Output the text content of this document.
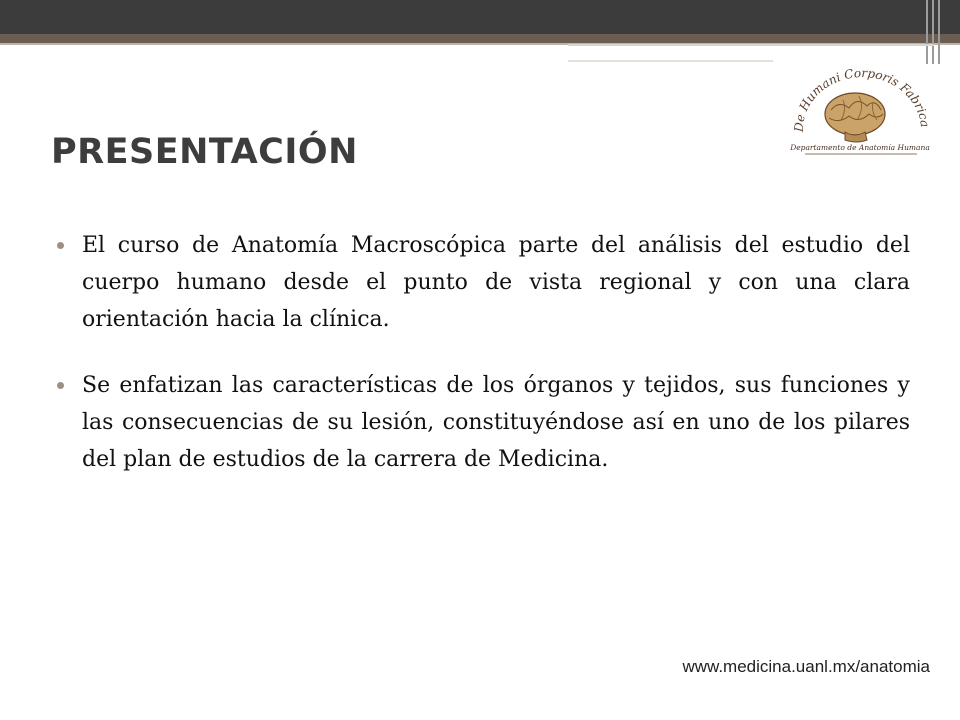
De Humani Corporis Fabrica
Departamento de Anatomía Humana
PRESENTACIÓN
El curso de Anatomía Macroscópica parte del análisis del estudio del cuerpo humano desde el punto de vista regional y con una clara orientación hacia la clínica.
Se enfatizan las características de los órganos y tejidos, sus funciones y las consecuencias de su lesión, constituyéndose así en uno de los pilares del plan de estudios de la carrera de Medicina.
www.medicina.uanl.mx/anatomia
